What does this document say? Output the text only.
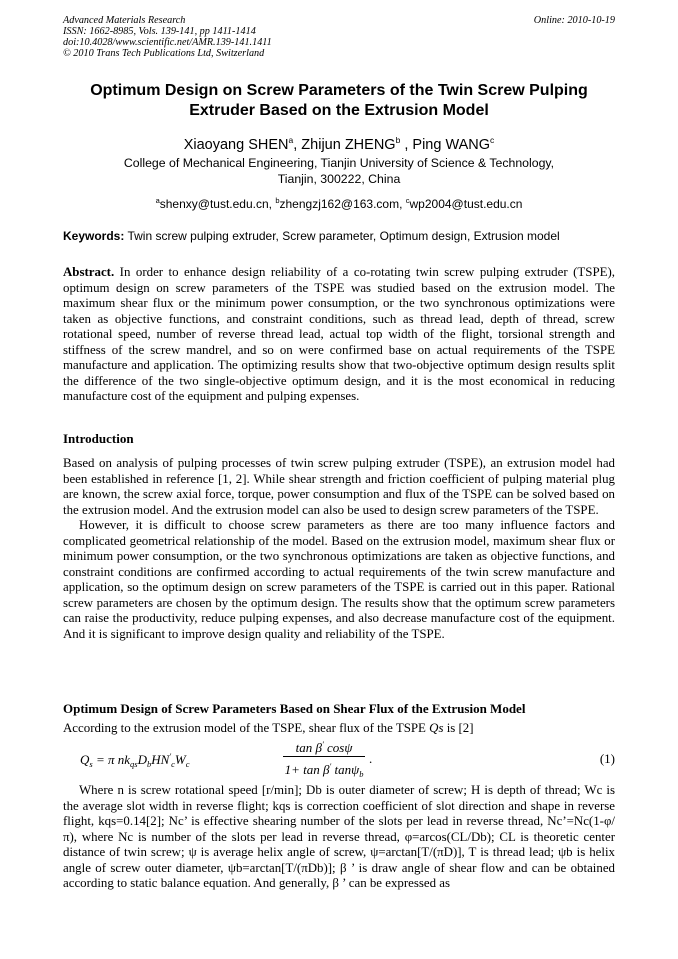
Advanced Materials Research
ISSN: 1662-8985, Vols. 139-141, pp 1411-1414
doi:10.4028/www.scientific.net/AMR.139-141.1411
© 2010 Trans Tech Publications Ltd, Switzerland
Online: 2010-10-19
Optimum Design on Screw Parameters of the Twin Screw Pulping
Extruder Based on the Extrusion Model
Xiaoyang SHEN$^a$, Zhijun ZHENG$^b$ , Ping WANG$^c$
College of Mechanical Engineering, Tianjin University of Science & Technology,
Tianjin, 300222, China
$^a$shenxy@tust.edu.cn, $^b$zhengzj162@163.com, $^c$wp2004@tust.edu.cn
Keywords: Twin screw pulping extruder, Screw parameter, Optimum design, Extrusion model
Abstract. In order to enhance design reliability of a co-rotating twin screw pulping extruder (TSPE), optimum design on screw parameters of the TSPE was studied based on the extrusion model. The maximum shear flux or the minimum power consumption, or the two synchronous optimizations were taken as objective functions, and constraint conditions, such as thread lead, depth of thread, screw rotational speed, number of reverse thread lead, actual top width of the flight, torsional strength and stiffness of the screw mandrel, and so on were confirmed base on actual requirements of the TSPE manufacture and application. The optimizing results show that two-objective optimum design results split the difference of the two single-objective optimum design, and it is the most economical in reducing manufacture cost of the equipment and pulping expenses.
Introduction

Based on analysis of pulping processes of twin screw pulping extruder (TSPE), an extrusion model had been established in reference [1, 2]. While shear strength and friction coefficient of pulping material plug are known, the screw axial force, torque, power consumption and flux of the TSPE can be solved based on the extrusion model. And the extrusion model can also be used to design screw parameters of the TSPE.

However, it is difficult to choose screw parameters as there are too many influence factors and complicated geometrical relationship of the model. Based on the extrusion model, maximum shear flux or minimum power consumption, or the two synchronous optimizations are taken as objective functions, and constraint conditions are confirmed according to actual requirements of the twin screw manufacture and application, so the optimum design on screw parameters of the TSPE is carried out in this paper. Rational screw parameters are chosen by the optimum design. The results show that the optimum screw parameters can raise the productivity, reduce pulping expenses, and also decrease manufacture cost of the equipment. And it is significant to improve design quality and reliability of the TSPE.

Optimum Design of Screw Parameters Based on Shear Flux of the Extrusion Model
According to the extrusion model of the TSPE, shear flux of the TSPE Qs is [2]
$Q_s = \pi$ $nk_{qs}D_bHN'_cW_c$
tan β' cosψ
1+ tan β' tanψ$_b$
.	(1)
Where n is screw rotational speed [r/min]; Db is outer diameter of screw; H is depth of thread; Wc is the average slot width in reverse flight; kqs is correction coefficient of slot direction and shape in reverse flight, kqs=0.14[2]; Nc’ is effective shearing number of the slots per lead in reverse thread, Nc’=Nc(1-φ/π), where Nc is number of the slots per lead in reverse thread, φ=arcos(CL/Db); CL is theoretic center distance of twin screw; ψ is average helix angle of screw, ψ=arctan[T/(πD)], T is thread lead; ψb is helix angle of screw outer diameter, ψb=arctan[T/(πDb)]; β ’ is draw angle of shear flow and can be obtained according to static balance equation. And generally, β ’ can be expressed as
